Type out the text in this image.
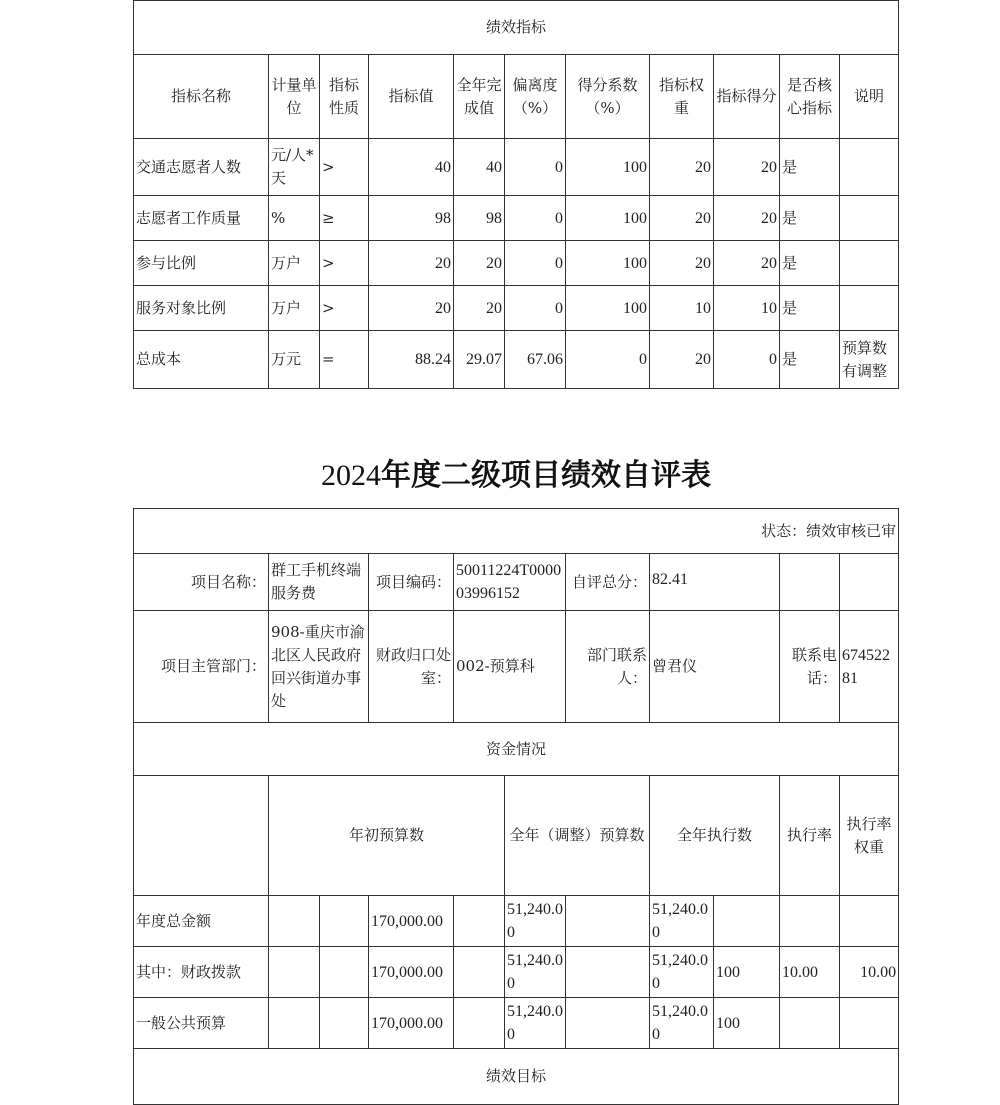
绩效指标										
指标名称	计量单位	指标性质	指标值	全年完成值	偏离度（%）	得分系数（%）	指标权重	指标得分	是否核心指标	说明
交通志愿者人数	元/人*天	>	40	40	0	100	20	20	是	
志愿者工作质量	%	≥	98	98	0	100	20	20	是	
参与比例	万户	>	20	20	0	100	20	20	是	
服务对象比例	万户	>	20	20	0	100	10	10	是	
总成本	万元	=	88.24	29.07	67.06	0	20	0	是	预算数有调整
2024年度二级项目绩效自评表
状态：绩效审核已审											
项目名称：	群工手机终端服务费		项目编码：	50011224T000003996152		自评总分：	82.41				
项目主管部门：	908-重庆市渝北区人民政府回兴街道办事处		财政归口处室：	002-预算科		部门联系人：	曾君仪		联系电话：	67452281	
资金情况											
	年初预算数				全年（调整）预算数		全年执行数		执行率	执行率权重	
年度总金额			170,000.00		51,240.00		51,240.00				
其中：财政拨款			170,000.00		51,240.00		51,240.00	100	10.00	10.00	
一般公共预算			170,000.00		51,240.00		51,240.00	100			
绩效目标											
